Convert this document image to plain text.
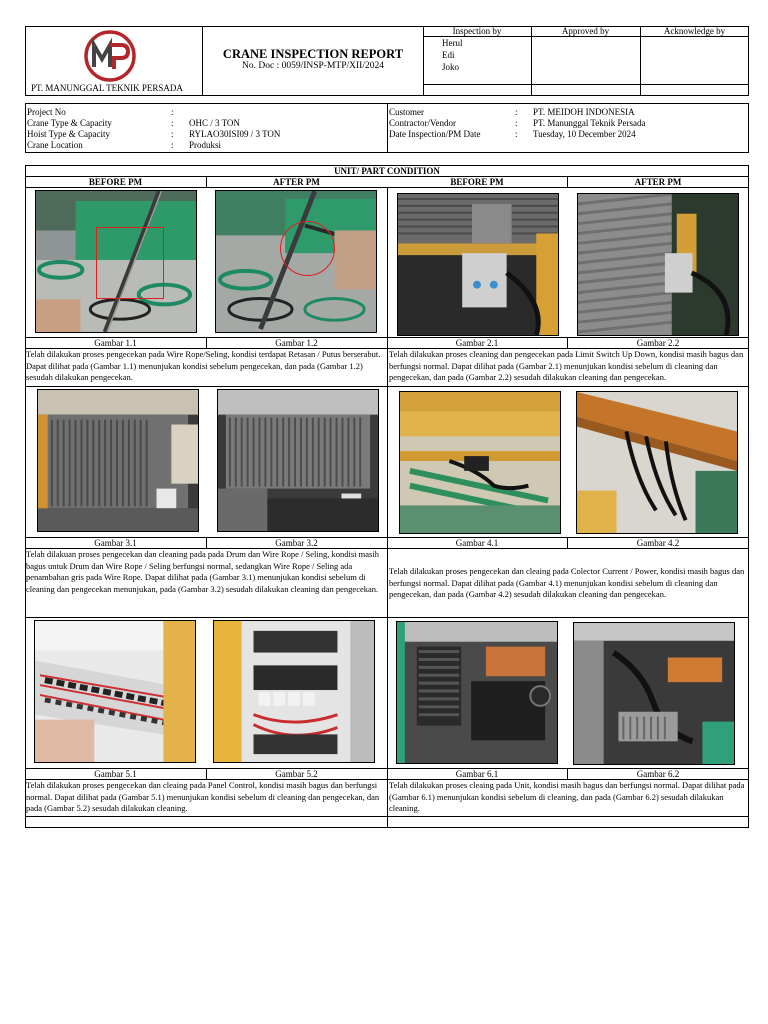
PT. MANUNGGAL TEKNIK PERSADA
CRANE INSPECTION REPORT
No. Doc : 0059/INSP-MTP/XII/2024
Inspection by	Approved by	Acknowledge by
Herul
Edi
Joko
Project No	:
Crane Type & Capacity	: OHC / 3 TON
Hoist Type & Capacity	: RYLAO30ISI09 / 3 TON
Crane Location	: Produksi
Customer	: PT. MEIDOH INDONESIA
Contractor/Vendor	: PT. Manunggal Teknik Persada
Date Inspection/PM Date	: Tuesday, 10 December 2024
UNIT/ PART CONDITION
BEFORE PM	AFTER PM	BEFORE PM	AFTER PM
Gambar 1.1	Gambar 1.2	Gambar 2.1	Gambar 2.2
Telah dilakukan proses pengecekan pada Wire Rope/Seling, kondisi terdapat Retasan / Putus berserabut. Dapat dilihat pada (Gambar 1.1) menunjukan kondisi sebelum pengecekan, dan pada (Gambar 1.2) sesudah dilakukan pengecekan.
Telah dilakukan proses cleaning dan pengecekan pada Limit Switch Up Down, kondisi masih bagus dan berfungsi normal. Dapat dilihat pada (Gambar 2.1) menunjukan kondisi sebelum di cleaning dan pengecekan, dan pada (Gambar 2.2) sesudah dilakukan cleaning dan pengecekan.
Gambar 3.1	Gambar 3.2	Gambar 4.1	Gambar 4.2
Telah dilakuan proses pengecekan dan cleaning pada pada Drum dan Wire Rope / Seling, kondisi masih bagus untuk Drum dan Wire Rope / Seling berfungsi normal, sedangkan Wire Rope / Seling ada penambahan gris pada Wire Rope. Dapat dilihat pada (Gambar 3.1) menunjukan kondisi sebelum di cleaning dan pengecekan menunjukan, pada (Gambar 3.2) sesudah dilakukan cleaning dan pengecekan.
Telah dilakukan proses pengecekan dan cleaing pada Colector Current / Power, kondisi masih bagus dan berfungsi normal. Dapat dilihat pada (Gambar 4.1) menunjukan kondisi sebelum di cleaning dan pengecekan, dan pada (Gambar 4.2) sesudah dilakukan cleaning dan pengecekan.
Gambar 5.1	Gambar 5.2	Gambar 6.1	Gambar 6.2
Telah dilakukan proses pengecekan dan cleaing pada Panel Control, kondisi masih bagus dan berfungsi normal. Dapat dilihat pada (Gambar 5.1) menunjukan kondisi sebelum di cleaning dan pengecekan, dan pada (Gambar 5.2) sesudah dilakukan cleaning.
Telah dilakukan proses cleaing pada Unit, kondisi masih bagus dan berfungsi normal. Dapat dilihat pada (Gambar 6.1) menunjukan kondisi sebelum di cleaning, dan pada (Gambar 6.2) sesudah dilakukan cleaning.
